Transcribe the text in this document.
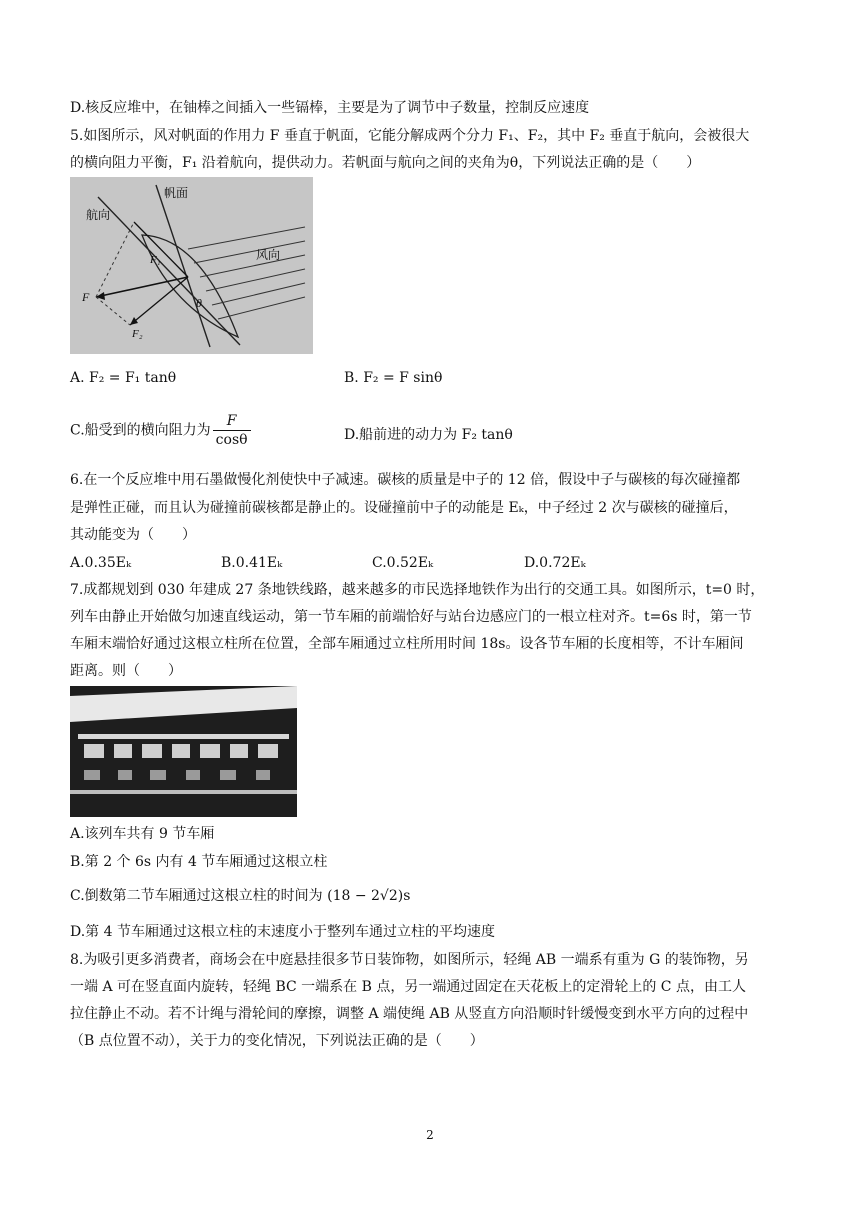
D.核反应堆中，在铀棒之间插入一些镉棒，主要是为了调节中子数量，控制反应速度
5.如图所示，风对帆面的作用力 F 垂直于帆面，它能分解成两个分力 F₁、F₂，其中 F₂ 垂直于航向，会被很大
的横向阻力平衡，F₁ 沿着航向，提供动力。若帆面与航向之间的夹角为θ，下列说法正确的是（　　）
航向
帆面
风向
F
F₁
F₂
θ
A. F₂ = F₁ tanθ	B. F₂ = F sinθ
C.船受到的横向阻力为 $\frac{F}{\cos\theta}$	D.船前进的动力为 F₂ tanθ
6.在一个反应堆中用石墨做慢化剂使快中子减速。碳核的质量是中子的 12 倍，假设中子与碳核的每次碰撞都
是弹性正碰，而且认为碰撞前碳核都是静止的。设碰撞前中子的动能是 Eₖ，中子经过 2 次与碳核的碰撞后，
其动能变为（　　）
A.0.35Eₖ	B.0.41Eₖ	C.0.52Eₖ	D.0.72Eₖ
7.成都规划到 030 年建成 27 条地铁线路，越来越多的市民选择地铁作为出行的交通工具。如图所示，t=0 时，
列车由静止开始做匀加速直线运动，第一节车厢的前端恰好与站台边感应门的一根立柱对齐。t=6s 时，第一节
车厢末端恰好通过这根立柱所在位置，全部车厢通过立柱所用时间 18s。设各节车厢的长度相等，不计车厢间
距离。则（　　）
A.该列车共有 9 节车厢
B.第 2 个 6s 内有 4 节车厢通过这根立柱
C.倒数第二节车厢通过这根立柱的时间为 (18 − 2√2)s
D.第 4 节车厢通过这根立柱的末速度小于整列车通过立柱的平均速度
8.为吸引更多消费者，商场会在中庭悬挂很多节日装饰物，如图所示，轻绳 AB 一端系有重为 G 的装饰物，另
一端 A 可在竖直面内旋转，轻绳 BC 一端系在 B 点，另一端通过固定在天花板上的定滑轮上的 C 点，由工人
拉住静止不动。若不计绳与滑轮间的摩擦，调整 A 端使绳 AB 从竖直方向沿顺时针缓慢变到水平方向的过程中
（B 点位置不动），关于力的变化情况，下列说法正确的是（　　）
2
